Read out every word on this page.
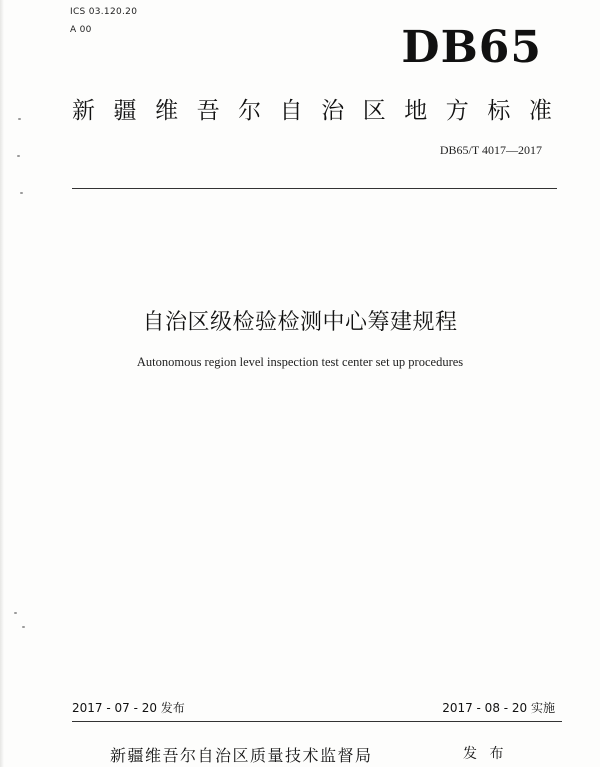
ICS 03.120.20
A 00	DB65
新 疆 维 吾 尔 自 治 区 地 方 标 准
DB65/T 4017—2017
自治区级检验检测中心筹建规程
Autonomous region level inspection test center set up procedures
2017 - 07 - 20 发布	2017 - 08 - 20 实施
新疆维吾尔自治区质量技术监督局	发 布
